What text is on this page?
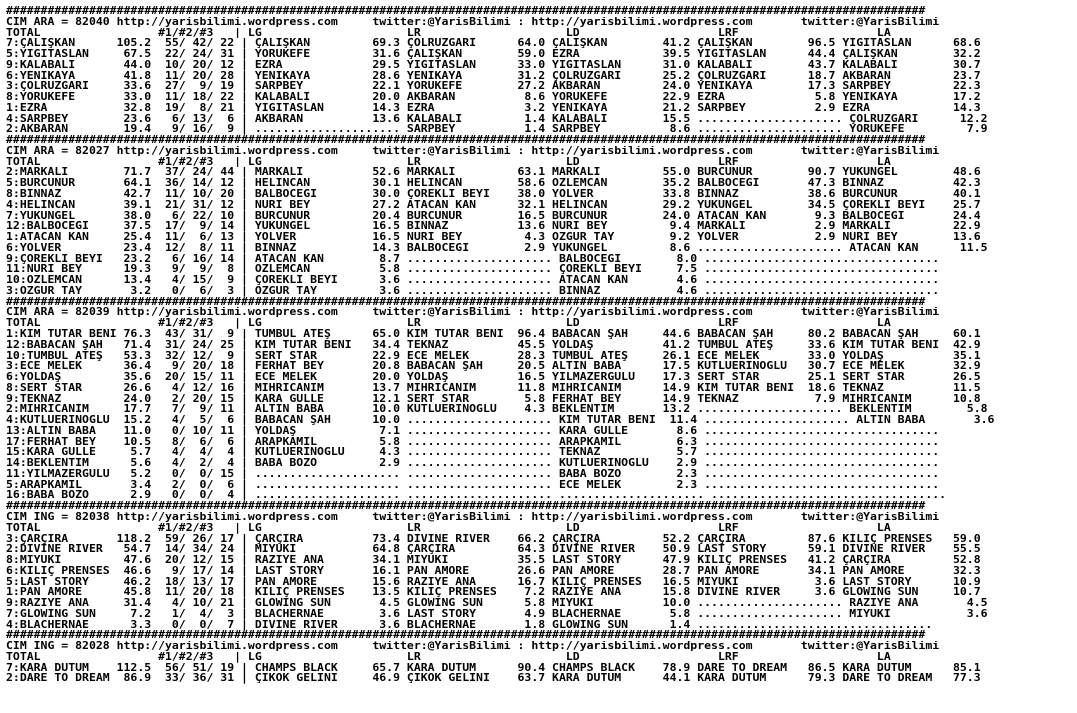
#####################################################################################################################################
CIM ARA = 82040 http://yarisbilimi.wordpress.com     twitter:@YarisBilimi : http://yarisbilimi.wordpress.com       twitter:@YarisBilimi
TOTAL                 #1/#2/#3   | LG                     LR                     LD                    LRF                    LA
7:ÇALIŞKAN      105.2  55/ 42/ 22 | ÇALIŞKAN         69.3 ÇÖLRÜZGARI      64.0 ÇALIŞKAN        41.2 ÇALIŞKAN        96.5 YİĞİTASLAN      68.6
5:YİĞİTASLAN     67.5  22/ 24/ 31 | YÖRÜKEFE         31.6 ÇALIŞKAN        59.0 EZRA            39.5 YİĞİTASLAN      44.4 ÇALIŞKAN        32.2
9:KALABALI       44.0  10/ 20/ 12 | EZRA             29.5 YİĞİTASLAN      33.0 YİĞİTASLAN      31.0 KALABALI        43.7 KALABALI        30.7
6:YENİKAYA       41.8  11/ 20/ 28 | YENİKAYA         28.6 YENİKAYA        31.2 ÇÖLRÜZGARI      25.2 ÇÖLRÜZGARI      18.7 AKBARAN         23.7
3:ÇÖLRÜZGARI     33.6  27/  9/ 19 | SARPBEY          22.1 YÖRÜKEFE        27.2 AKBARAN         24.0 YENİKAYA        17.3 SARPBEY         22.3
8:YÖRÜKEFE       33.0  11/ 18/ 22 | KALABALI         20.0 AKBARAN          8.6 YÖRÜKEFE        22.9 EZRA             5.8 YENİKAYA        17.2
1:EZRA           32.8  19/  8/ 21 | YİĞİTASLAN       14.3 EZRA             3.2 YENİKAYA        21.2 SARPBEY          2.9 EZRA            14.3
4:SARPBEY        23.6   6/ 13/  6 | AKBARAN          13.6 KALABALI         1.4 KALABALI        15.5 ..................... ÇÖLRÜZGARI      12.2
2:AKBARAN        19.4   9/ 16/  9 | ..................... SARPBEY          1.4 SARPBEY          8.6 ..................... YÖRÜKEFE         7.9
#####################################################################################################################################
CIM ARA = 82027 http://yarisbilimi.wordpress.com     twitter:@YarisBilimi : http://yarisbilimi.wordpress.com       twitter:@YarisBilimi
TOTAL                 #1/#2/#3   | LG                     LR                     LD                    LRF                    LA
2:MARKALI        71.7  37/ 24/ 44 | MARKALI          52.6 MARKALI         63.1 MARKALI         55.0 BURCUNUR        90.7 YÜKÜNGEL        48.6
5:BURCUNUR       64.1  36/ 14/ 12 | HELİNCAN         30.1 HELİNCAN        58.6 ÖZLEMCAN        35.2 BALBÖCEĞİ       47.3 BINNAZ          42.3
8:BINNAZ         42.7  11/ 10/ 20 | BALBÖCEĞİ        30.0 ÇÖREKLİ BEYİ    38.0 YOLVER          33.8 BINNAZ          38.6 BURCUNUR        40.1
4:HELİNCAN       39.1  21/ 31/ 12 | NURİ BEY         27.2 ATACAN KAN      32.1 HELİNCAN        29.2 YÜKÜNGEL        34.5 ÇÖREKLİ BEYİ    25.7
7:YÜKÜNGEL       38.0   6/ 22/ 10 | BURCUNUR         20.4 BURCUNUR        16.5 BURCUNUR        24.0 ATACAN KAN       9.3 BALBÖCEĞİ       24.4
12:BALBÖCEĞİ     37.5  17/  9/ 14 | YÜKÜNGEL         16.5 BINNAZ          13.6 NURİ BEY         9.4 MARKALI          2.9 MARKALI         22.9
1:ATACAN KAN     25.4  11/  6/ 13 | YOLVER           16.5 NURİ BEY         4.3 ÖZGÜR TAY        9.2 YOLVER           2.9 NURİ BEY        13.6
6:YOLVER         23.4  12/  8/ 11 | BINNAZ           14.3 BALBÖCEĞİ        2.9 YÜKÜNGEL         8.6 ..................... ATACAN KAN      11.5
9:ÇÖREKLİ BEYİ   23.2   6/ 16/ 14 | ATACAN KAN        8.7 ..................... BALBÖCEĞİ        8.0 ..................................
11:NURİ BEY      19.3   9/  9/  8 | ÖZLEMCAN          5.8 ..................... ÇÖREKLİ BEYİ     7.5 ..................................
10:ÖZLEMCAN      13.4   4/ 15/  9 | ÇÖREKLİ BEYİ      3.6 ..................... ATACAN KAN       4.6 ..................................
3:ÖZGÜR TAY       3.2   0/  6/  3 | ÖZGÜR TAY         3.6 ..................... BINNAZ           4.6 ..................................
#####################################################################################################################################
CIM ARA = 82039 http://yarisbilimi.wordpress.com     twitter:@YarisBilimi : http://yarisbilimi.wordpress.com       twitter:@YarisBilimi
TOTAL                 #1/#2/#3   | LG                     LR                     LD                    LRF                    LA
1:KİM TUTAR BENİ 76.3  43/ 31/  9 | TUMBUL ATEŞ      65.0 KİM TUTAR BENİ  96.4 BABACAN ŞAH     44.6 BABACAN ŞAH     80.2 BABACAN ŞAH     60.1
12:BABACAN ŞAH   71.4  31/ 24/ 25 | KİM TUTAR BENİ   34.4 TEKNAZ          45.5 YOLDAŞ          41.2 TUMBUL ATEŞ     33.6 KİM TUTAR BENİ  42.9
10:TUMBUL ATEŞ   53.3  32/ 12/  9 | SERT STAR        22.9 ECE MELEK       28.3 TUMBUL ATEŞ     26.1 ECE MELEK       33.0 YOLDAŞ          35.1
3:ECE MELEK      36.4   9/ 20/ 18 | FERHAT BEY       20.8 BABACAN ŞAH     20.5 ALTIN BABA      17.5 KUTLUERİNOĞLU   30.7 ECE MELEK       32.9
6:YOLDAŞ         35.6  20/ 15/ 11 | ECE MELEK        20.0 YOLDAŞ          16.5 YILMAZERGÜLÜ    17.3 SERT STAR       25.1 SERT STAR       26.5
8:SERT STAR      26.6   4/ 12/ 16 | MİHRİCANIM       13.7 MİHRİCANIM      11.8 MİHRİCANIM      14.9 KİM TUTAR BENİ  18.6 TEKNAZ          11.5
9:TEKNAZ         24.0   2/ 20/ 15 | KARA GÜLLE       12.1 SERT STAR        5.8 FERHAT BEY      14.9 TEKNAZ           7.9 MİHRİCANIM      10.8
2:MİHRİCANIM     17.7   7/  9/ 11 | ALTIN BABA       10.0 KUTLUERİNOĞLU    4.3 BEKLENTİM       13.2 ..................... BEKLENTİM        5.8
4:KUTLUERİNOĞLU  15.2   4/  5/  6 | BABACAN ŞAH      10.0 ..................... KİM TUTAR BENİ  11.4 ..................... ALTIN BABA       3.6
13:ALTIN BABA    11.0   0/ 10/ 11 | YOLDAŞ            7.1 ..................... KARA GÜLLE       8.6 ..................................
17:FERHAT BEY    10.5   8/  6/  6 | ARAPKAMİL         5.8 ..................... ARAPKAMİL        6.3 ..................................
15:KARA GÜLLE     5.7   4/  4/  4 | KUTLUERİNOĞLU     4.3 ..................... TEKNAZ           5.7 ..................................
14:BEKLENTİM      5.6   4/  2/  4 | BABA BOZO         2.9 ..................... KUTLUERİNOĞLU    2.9 ..................................
11:YILMAZERGÜLÜ   5.2   0/  0/ 15 | ..................... ..................... BABA BOZO        2.3 ..................................
5:ARAPKAMİL       3.4   2/  0/  6 | ..................... ..................... ECE MELEK        2.3 ..................................
16:BABA BOZO      2.9   0/  0/  4 | ..................... ..................... ..................... ..................................
#####################################################################################################################################
CIM ING = 82038 http://yarisbilimi.wordpress.com     twitter:@YarisBilimi : http://yarisbilimi.wordpress.com       twitter:@YarisBilimi
TOTAL                 #1/#2/#3   | LG                     LR                     LD                    LRF                    LA
3:ÇARÇIRA       118.2  59/ 26/ 17 | ÇARÇIRA          73.4 DIVINE RIVER    66.2 ÇARÇIRA         52.2 ÇARÇIRA         87.6 KILIÇ PRENSES   59.0
2:DIVINE RIVER   54.7  14/ 34/ 24 | MİYUKİ           64.8 ÇARÇIRA         64.3 DIVINE RIVER    50.9 LAST STORY      59.1 DIVINE RIVER    55.5
8:MİYUKİ         47.6  20/ 12/ 15 | RAZİYE ANA       34.1 MİYUKİ          35.5 LAST STORY      47.9 KILIÇ PRENSES   41.2 ÇARÇIRA         52.8
6:KILIÇ PRENSES  46.6   9/ 17/ 14 | LAST STORY       16.1 PAN AMORE       26.6 PAN AMORE       28.7 PAN AMORE       34.1 PAN AMORE       32.3
5:LAST STORY     46.2  18/ 13/ 17 | PAN AMORE        15.6 RAZİYE ANA      16.7 KILIÇ PRENSES   16.5 MİYUKİ           3.6 LAST STORY      10.9
1:PAN AMORE      45.8  11/ 20/ 18 | KILIÇ PRENSES    13.5 KILIÇ PRENSES    7.2 RAZİYE ANA      15.8 DIVINE RIVER     3.6 GLOWING SUN     10.7
9:RAZİYE ANA     31.4   4/ 10/ 21 | GLOWING SUN       4.5 GLOWING SUN      5.8 MİYUKİ          10.0 ..................... RAZİYE ANA       4.5
7:GLOWING SUN     7.2   1/  4/  3 | BLACHERNAE        3.6 LAST STORY       4.9 BLACHERNAE       5.8 ..................... MİYUKİ           3.6
4:BLACHERNAE      3.3   0/  0/  7 | DIVINE RIVER      3.6 BLACHERNAE       1.8 GLOWING SUN      1.4 ..................................
#####################################################################################################################################
CIM ING = 82028 http://yarisbilimi.wordpress.com     twitter:@YarisBilimi : http://yarisbilimi.wordpress.com       twitter:@YarisBilimi
TOTAL                 #1/#2/#3   | LG                     LR                     LD                    LRF                    LA
7:KARA DUTUM    112.5  56/ 51/ 19 | CHAMPS BLACK     65.7 KARA DUTUM      90.4 CHAMPS BLACK    78.9 DARE TO DREAM   86.5 KARA DUTUM      85.1
2:DARE TO DREAM  86.9  33/ 36/ 31 | ÇİKOK GELİNİ     46.9 ÇİKOK GELİNİ    63.7 KARA DUTUM      44.1 KARA DUTUM      79.3 DARE TO DREAM   77.3
